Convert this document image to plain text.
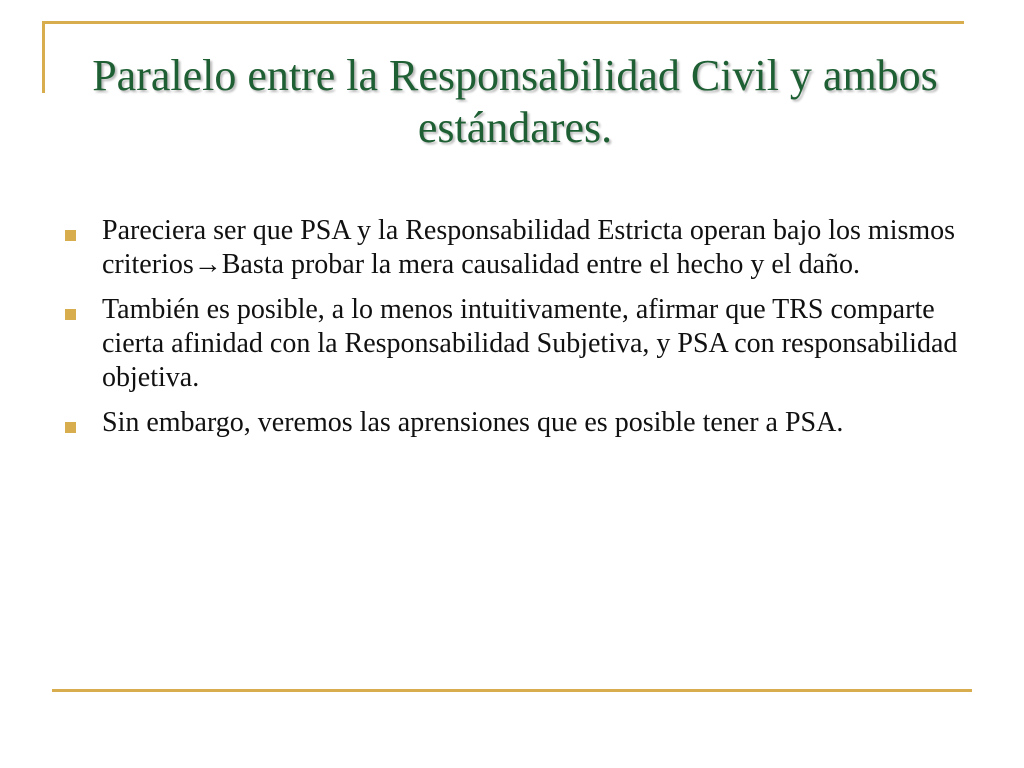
Paralelo entre la Responsabilidad Civil y ambos estándares.
Pareciera ser que PSA y la Responsabilidad Estricta operan bajo los mismos criterios→Basta probar la mera causalidad entre el hecho y el daño.
También es posible, a lo menos intuitivamente, afirmar que TRS comparte cierta afinidad con la Responsabilidad Subjetiva, y PSA con responsabilidad objetiva.
Sin embargo, veremos las aprensiones que es posible tener a PSA.
